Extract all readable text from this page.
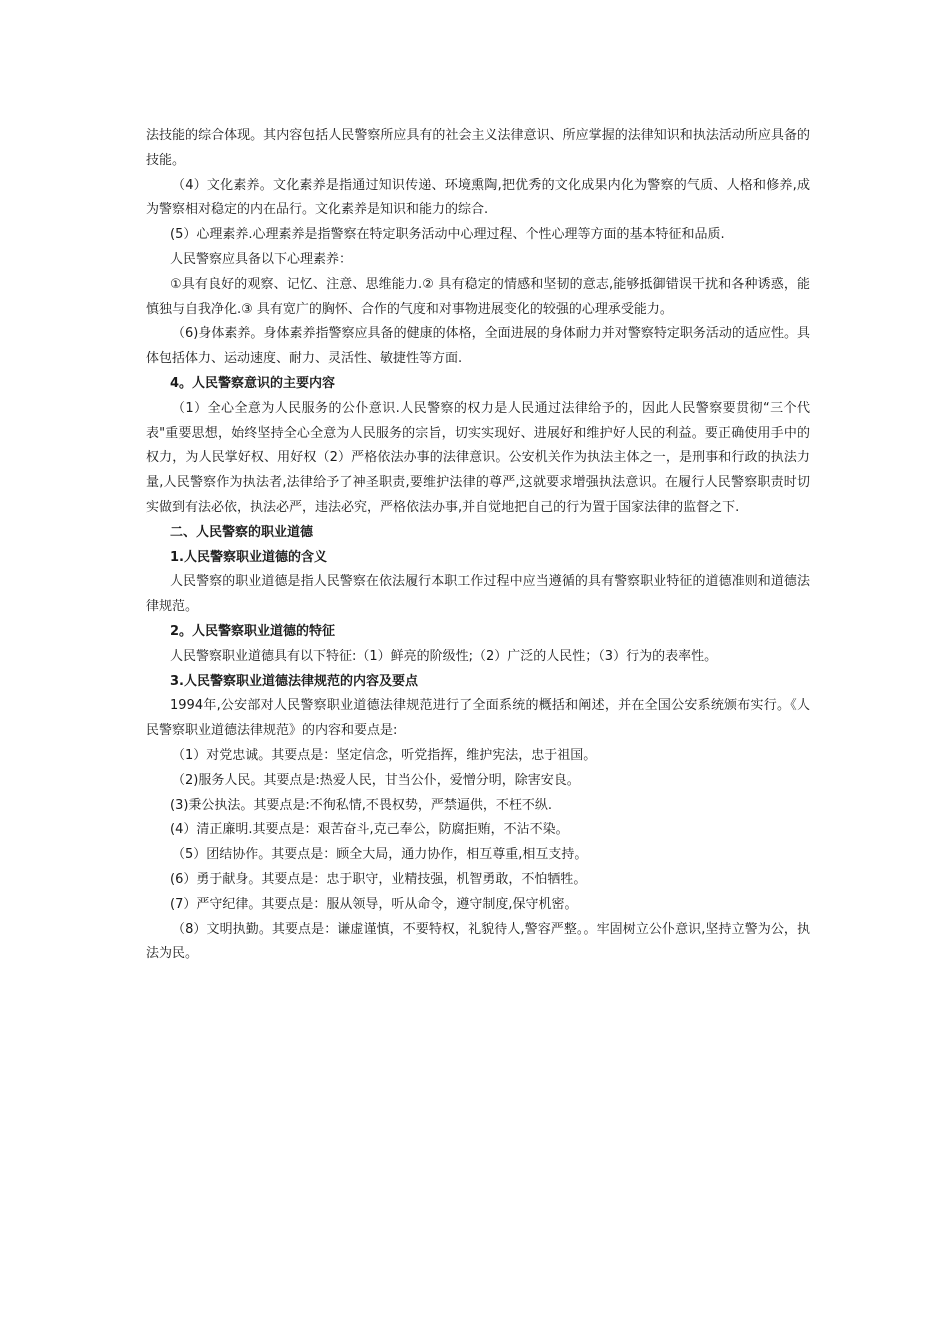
法技能的综合体现。其内容包括人民警察所应具有的社会主义法律意识、所应掌握的法律知识和执法活动所应具备的技能。

（4）文化素养。文化素养是指通过知识传递、环境熏陶,把优秀的文化成果内化为警察的气质、人格和修养,成为警察相对稳定的内在品行。文化素养是知识和能力的综合.

(5）心理素养.心理素养是指警察在特定职务活动中心理过程、个性心理等方面的基本特征和品质.

人民警察应具备以下心理素养：

①具有良好的观察、记忆、注意、思维能力.② 具有稳定的情感和坚韧的意志,能够抵御错误干扰和各种诱惑，能慎独与自我净化.③ 具有宽广的胸怀、合作的气度和对事物进展变化的较强的心理承受能力。

（6)身体素养。身体素养指警察应具备的健康的体格，全面进展的身体耐力并对警察特定职务活动的适应性。具体包括体力、运动速度、耐力、灵活性、敏捷性等方面.

4。人民警察意识的主要内容

（1）全心全意为人民服务的公仆意识.人民警察的权力是人民通过法律给予的，因此人民警察要贯彻“三个代表"重要思想，始终坚持全心全意为人民服务的宗旨，切实实现好、进展好和维护好人民的利益。要正确使用手中的权力，为人民掌好权、用好权（2）严格依法办事的法律意识。公安机关作为执法主体之一，是刑事和行政的执法力量,人民警察作为执法者,法律给予了神圣职责,要维护法律的尊严,这就要求增强执法意识。在履行人民警察职责时切实做到有法必依，执法必严，违法必究，严格依法办事,并自觉地把自己的行为置于国家法律的监督之下.

二、人民警察的职业道德

1.人民警察职业道德的含义

人民警察的职业道德是指人民警察在依法履行本职工作过程中应当遵循的具有警察职业特征的道德准则和道德法律规范。

2。人民警察职业道德的特征

人民警察职业道德具有以下特征:（1）鲜亮的阶级性;（2）广泛的人民性；（3）行为的表率性。

3.人民警察职业道德法律规范的内容及要点

1994年,公安部对人民警察职业道德法律规范进行了全面系统的概括和阐述，并在全国公安系统颁布实行。《人民警察职业道德法律规范》的内容和要点是:

（1）对党忠诚。其要点是：坚定信念，听党指挥，维护宪法，忠于祖国。

（2)服务人民。其要点是:热爱人民，甘当公仆，爱憎分明，除害安良。

(3)秉公执法。其要点是:不徇私情,不畏权势，严禁逼供，不枉不纵.

(4）清正廉明.其要点是：艰苦奋斗,克己奉公，防腐拒贿，不沾不染。

（5）团结协作。其要点是：顾全大局，通力协作，相互尊重,相互支持。

(6）勇于献身。其要点是：忠于职守，业精技强，机智勇敢，不怕牺牲。

(7）严守纪律。其要点是：服从领导，听从命令，遵守制度,保守机密。

（8）文明执勤。其要点是：谦虚谨慎，不要特权，礼貌待人,警容严整。。牢固树立公仆意识,坚持立警为公，执法为民。
